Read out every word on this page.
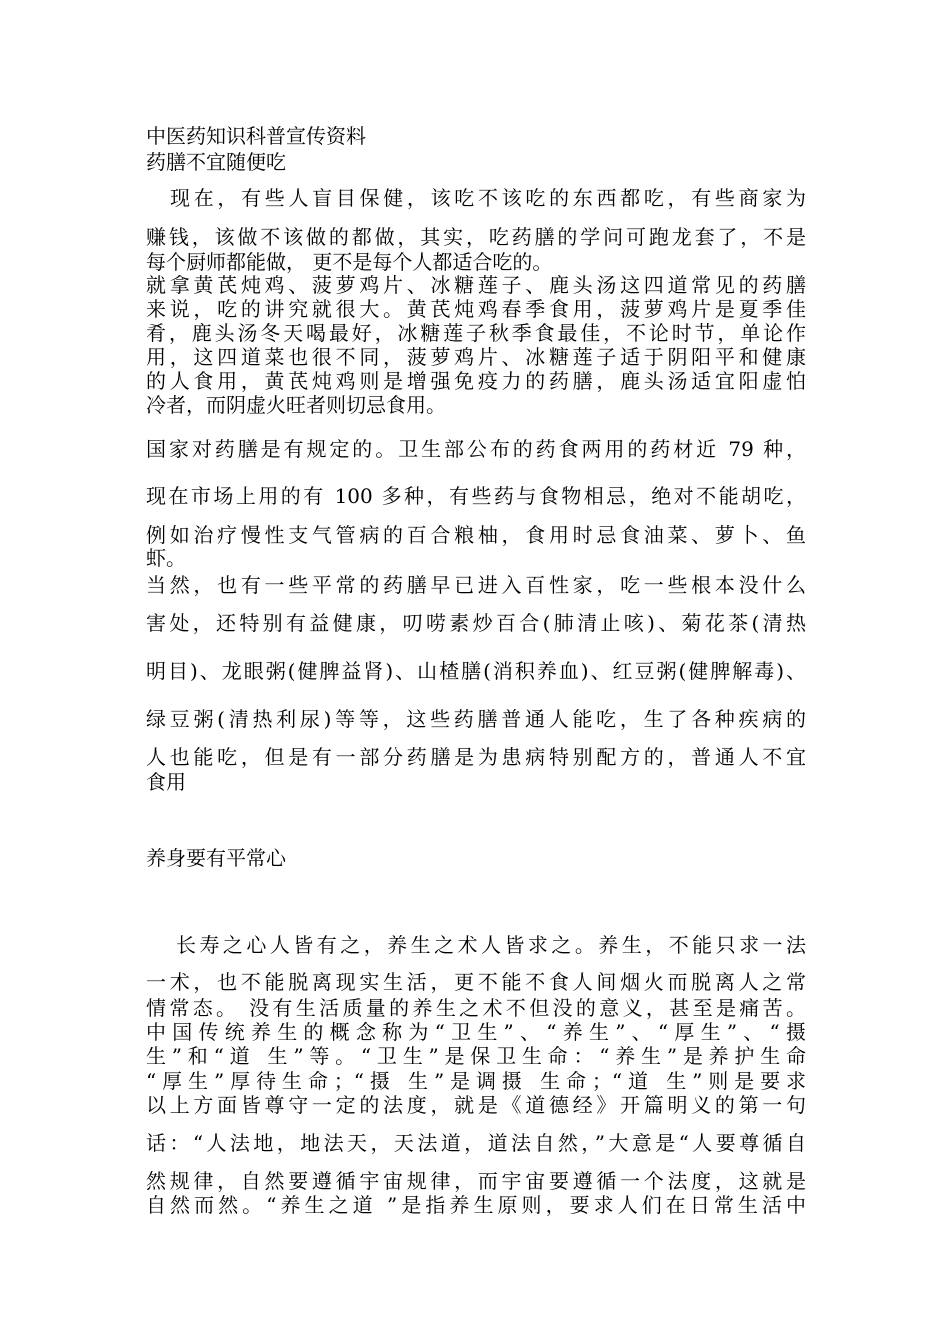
中医药知识科普宣传资料

药膳不宜随便吃

现在，有些人盲目保健，该吃不该吃的东西都吃，有些商家为

赚钱，该做不该做的都做，其实，吃药膳的学问可跑龙套了，不是

每个厨师都能做， 更不是每个人都适合吃的。

就拿黄芪炖鸡、菠萝鸡片、冰糖莲子、鹿头汤这四道常见的药膳

来说，吃的讲究就很大。黄芪炖鸡春季食用，菠萝鸡片是夏季佳

肴，鹿头汤冬天喝最好，冰糖莲子秋季食最佳，不论时节，单论作

用，这四道菜也很不同，菠萝鸡片、冰糖莲子适于阴阳平和健康

的人食用，黄芪炖鸡则是增强免疫力的药膳，鹿头汤适宜阳虚怕

冷者，而阴虚火旺者则切忌食用。

国家对药膳是有规定的。卫生部公布的药食两用的药材近 79 种，

现在市场上用的有 100 多种，有些药与食物相忌，绝对不能胡吃，

例如治疗慢性支气管病的百合粮柚，食用时忌食油菜、萝卜、鱼

虾。

当然，也有一些平常的药膳早已进入百性家，吃一些根本没什么

害处，还特别有益健康，叨唠素炒百合(肺清止咳)、菊花茶(清热

明目)、龙眼粥(健脾益肾)、山楂膳(消积养血)、红豆粥(健脾解毒)、

绿豆粥(清热利尿)等等，这些药膳普通人能吃，生了各种疾病的

人也能吃，但是有一部分药膳是为患病特别配方的，普通人不宜

食用

养身要有平常心

长寿之心人皆有之，养生之术人皆求之。养生，不能只求一法

一术，也不能脱离现实生活，更不能不食人间烟火而脱离人之常

情常态。 没有生活质量的养生之术不但没的意义，甚至是痛苦。

中国传统养生的概念称为“卫生”、“养生”、“厚生”、“摄

生”和“道 生”等。“卫生”是保卫生命：“养生”是养护生命

“厚生”厚待生命；“摄 生”是调摄 生命；“道 生”则是要求

以上方面皆尊守一定的法度，就是《道德经》开篇明义的第一句

话：“人法地，地法天，天法道，道法自然，”大意是“人要尊循自

然规律，自然要遵循宇宙规律，而宇宙要遵循一个法度，这就是

自然而然。“养生之道 ”是指养生原则，要求人们在日常生活中
